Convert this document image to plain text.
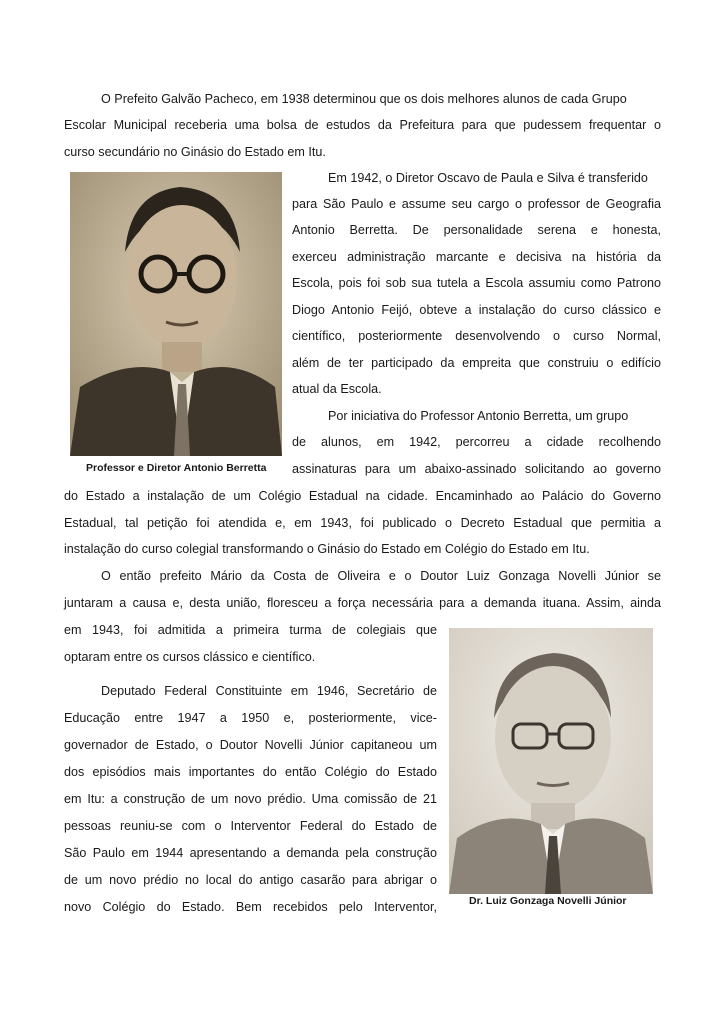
O Prefeito Galvão Pacheco, em 1938 determinou que os dois melhores alunos de cada Grupo
Escolar Municipal receberia uma bolsa de estudos da Prefeitura para que pudessem frequentar o
curso secundário no Ginásio do Estado em Itu.
Em 1942, o Diretor Oscavo de Paula e Silva é transferido
para São Paulo e assume seu cargo o professor de Geografia
Antonio Berretta. De personalidade serena e honesta,
exerceu administração marcante e decisiva na história da
Escola, pois foi sob sua tutela a Escola assumiu como Patrono
Diogo Antonio Feijó, obteve a instalação do curso clássico e
científico, posteriormente desenvolvendo o curso Normal,
além de ter participado da empreita que construiu o edifício
atual da Escola.
Por iniciativa do Professor Antonio Berretta, um grupo
de alunos, em 1942, percorreu a cidade recolhendo
Professor e Diretor Antonio Berretta assinaturas para um abaixo-assinado solicitando ao governo
do Estado a instalação de um Colégio Estadual na cidade. Encaminhado ao Palácio do Governo
Estadual, tal petição foi atendida e, em 1943, foi publicado o Decreto Estadual que permitia a
instalação do curso colegial transformando o Ginásio do Estado em Colégio do Estado em Itu.
O então prefeito Mário da Costa de Oliveira e o Doutor Luiz Gonzaga Novelli Júnior se
juntaram a causa e, desta união, floresceu a força necessária para a demanda ituana. Assim, ainda
em 1943, foi admitida a primeira turma de colegiais que
optaram entre os cursos clássico e científico.
Dr. Luiz Gonzaga Novelli Júnior
Deputado Federal Constituinte em 1946, Secretário de
Educação entre 1947 a 1950 e, posteriormente, vice-
governador de Estado, o Doutor Novelli Júnior capitaneou um
dos episódios mais importantes do então Colégio do Estado
em Itu: a construção de um novo prédio. Uma comissão de 21
pessoas reuniu-se com o Interventor Federal do Estado de
São Paulo em 1944 apresentando a demanda pela construção
de um novo prédio no local do antigo casarão para abrigar o
novo Colégio do Estado. Bem recebidos pelo Interventor,
